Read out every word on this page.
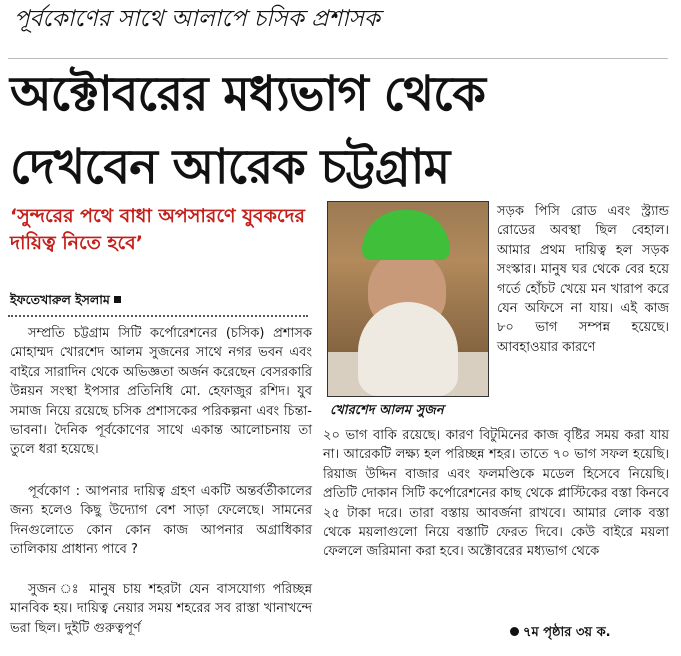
পূর্বকোণের সাথে আলাপে চসিক প্রশাসক
অক্টোবরের মধ্যভাগ থেকে
দেখবেন আরেক চট্টগ্রাম
‘সুন্দরের পথে বাধা অপসারণে যুবকদের দায়িত্ব নিতে হবে’
ইফতেখারুল ইসলাম
সম্প্রতি চট্টগ্রাম সিটি কর্পোরেশনের (চসিক) প্রশাসক মোহাম্মদ খোরশেদ আলম সুজনের সাথে নগর ভবন এবং বাইরে সারাদিন থেকে অভিজ্ঞতা অর্জন করেছেন বেসরকারি উন্নয়ন সংস্থা ইপসার প্রতিনিধি মো. হেফাজুর রশিদ। যুব সমাজ নিয়ে রয়েছে চসিক প্রশাসকের পরিকল্পনা এবং চিন্তা-ভাবনা। দৈনিক পূর্বকোণের সাথে একান্ত আলোচনায় তা তুলে ধরা হয়েছে।
পূর্বকোণ : আপনার দায়িত্ব গ্রহণ একটি অন্তর্বর্তীকালের জন্য হলেও কিছু উদ্যোগ বেশ সাড়া ফেলেছে। সামনের দিনগুলোতে কোন কোন কাজ আপনার অগ্রাধিকার তালিকায় প্রাধান্য পাবে ?
সুজন ঃ মানুষ চায় শহরটা যেন বাসযোগ্য পরিচ্ছন্ন মানবিক হয়। দায়িত্ব নেয়ার সময় শহরের সব রাস্তা খানাখন্দে ভরা ছিল। দুইটি গুরুত্বপূর্ণ
খোরশেদ আলম সুজন
সড়ক পিসি রোড এবং স্ট্র্যান্ড রোডের অবস্থা ছিল বেহাল। আমার প্রথম দায়িত্ব হল সড়ক সংস্কার। মানুষ ঘর থেকে বের হয়ে গর্তে হোঁচট খেয়ে মন খারাপ করে যেন অফিসে না যায়। এই কাজ ৮০ ভাগ সম্পন্ন হয়েছে। আবহাওয়ার কারণে
২০ ভাগ বাকি রয়েছে। কারণ বিটুমিনের কাজ বৃষ্টির সময় করা যায় না। আরেকটি লক্ষ্য হল পরিচ্ছন্ন শহর। তাতে ৭০ ভাগ সফল হয়েছি। রিয়াজ উদ্দিন বাজার এবং ফলমণ্ডিকে মডেল হিসেবে নিয়েছি। প্রতিটি দোকান সিটি কর্পোরেশনের কাছ থেকে প্লাস্টিকের বস্তা কিনবে ২৫ টাকা দরে। তারা বস্তায় আবর্জনা রাখবে। আমার লোক বস্তা থেকে ময়লাগুলো নিয়ে বস্তাটি ফেরত দিবে। কেউ বাইরে ময়লা ফেললে জরিমানা করা হবে। অক্টোবরের মধ্যভাগ থেকে
৭ম পৃষ্ঠার ৩য় ক.
